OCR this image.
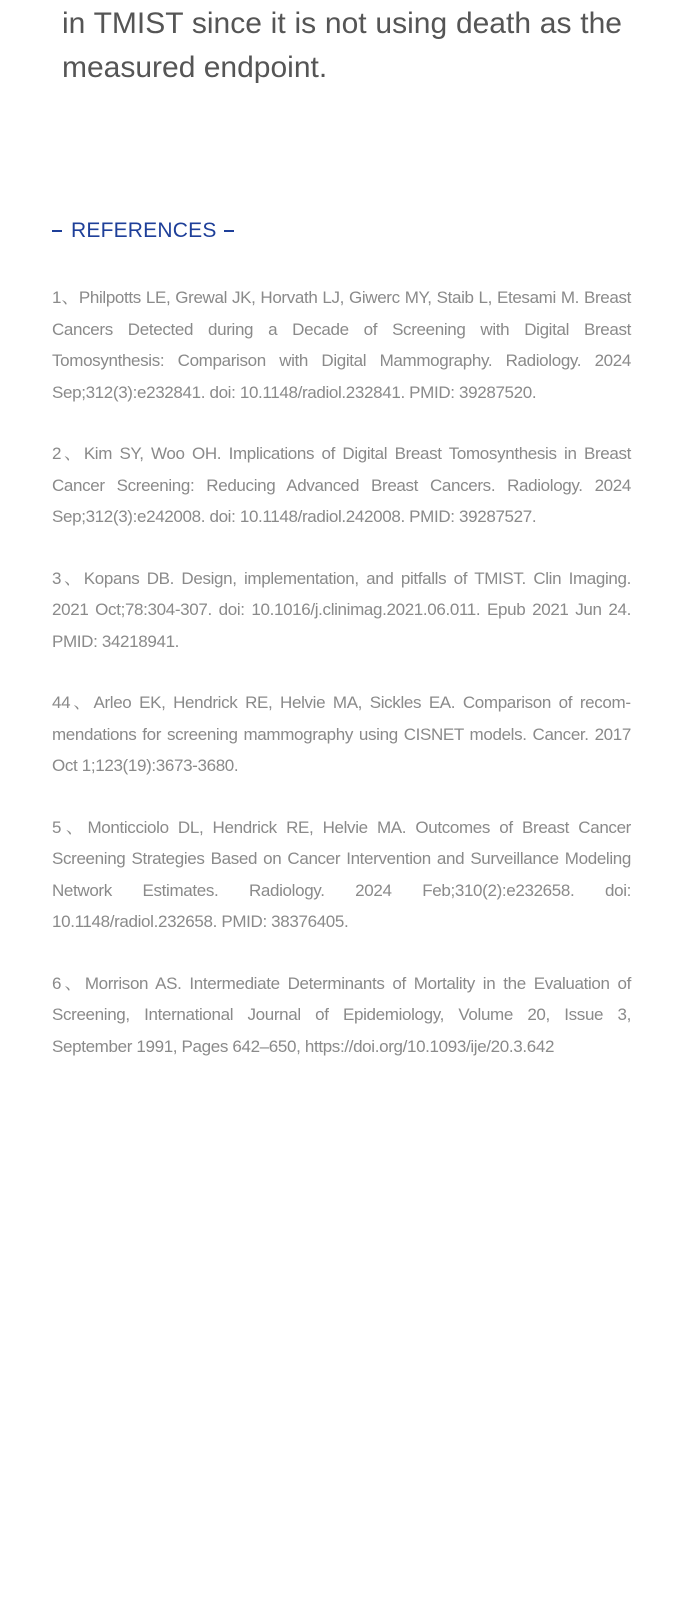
in TMIST since it is not using death as the
measured endpoint.
REFERENCES

1、Philpotts LE, Grewal JK, Horvath LJ, Giwerc MY, Staib L, Etesami M. Breast Cancers Detected during a Decade of Screening with Digital Breast Tomosynthesis: Comparison with Digital Mammography. Radiology. 2024 Sep;312(3):e232841. doi: 10.1148/radiol.232841. PMID: 39287520.

2、Kim SY, Woo OH. Implications of Digital Breast Tomosynthesis in Breast Cancer Screening: Reducing Advanced Breast Cancers. Radiology. 2024 Sep;312(3):e242008. doi: 10.1148/radiol.242008. PMID: 39287527.

3、Kopans DB. Design, implementation, and pitfalls of TMIST. Clin Imaging. 2021 Oct;78:304-307. doi: 10.1016/j.clinimag.2021.06.011. Epub 2021 Jun 24. PMID: 34218941.

44、Arleo EK, Hendrick RE, Helvie MA, Sickles EA. Comparison of recommendations for screening mammography using CISNET models. Cancer. 2017 Oct 1;123(19):3673-3680.

5、Monticciolo DL, Hendrick RE, Helvie MA. Outcomes of Breast Cancer Screening Strategies Based on Cancer Intervention and Surveillance Modeling Network Estimates. Radiology. 2024 Feb;310(2):e232658. doi: 10.1148/radiol.232658. PMID: 38376405.

6、Morrison AS. Intermediate Determinants of Mortality in the Evaluation of Screening, International Journal of Epidemiology, Volume 20, Issue 3, September 1991, Pages 642–650, https://doi.org/10.1093/ije/20.3.642
